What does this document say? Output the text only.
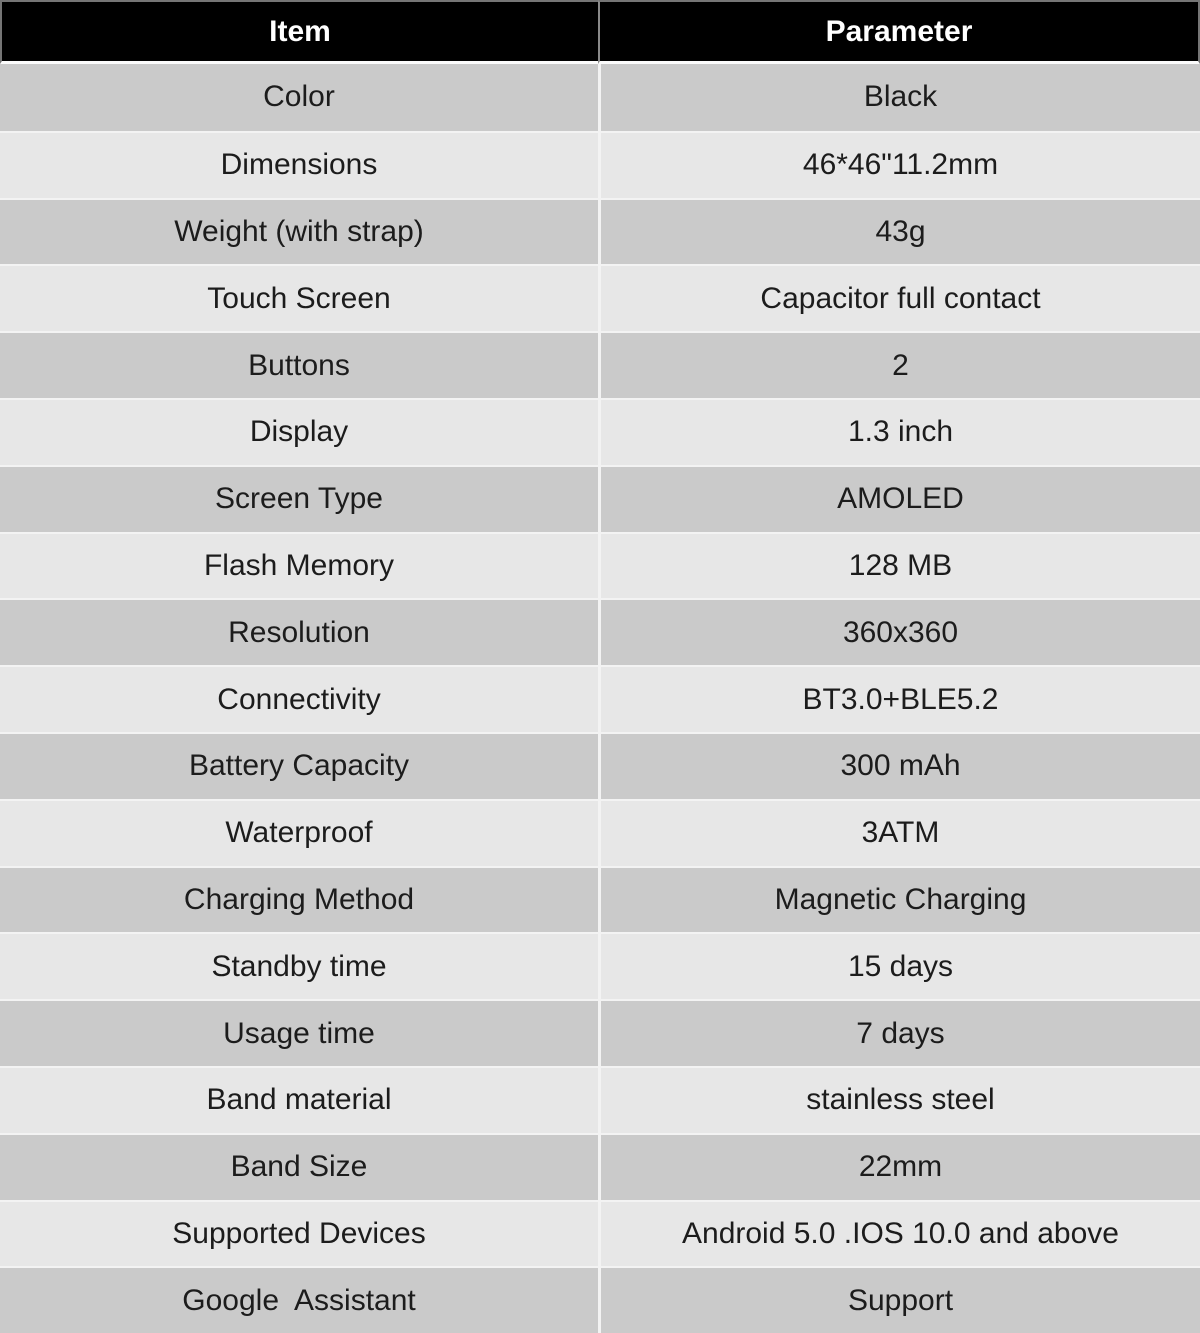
Item	Parameter
Color	Black
Dimensions	46*46"11.2mm
Weight (with strap)	43g
Touch Screen	Capacitor full contact
Buttons	2
Display	1.3 inch
Screen Type	AMOLED
Flash Memory	128 MB
Resolution	360x360
Connectivity	BT3.0+BLE5.2
Battery Capacity	300 mAh
Waterproof	3ATM
Charging Method	Magnetic Charging
Standby time	15 days
Usage time	7 days
Band material	stainless steel
Band Size	22mm
Supported Devices	Android 5.0 .IOS 10.0 and above
Google  Assistant	Support
